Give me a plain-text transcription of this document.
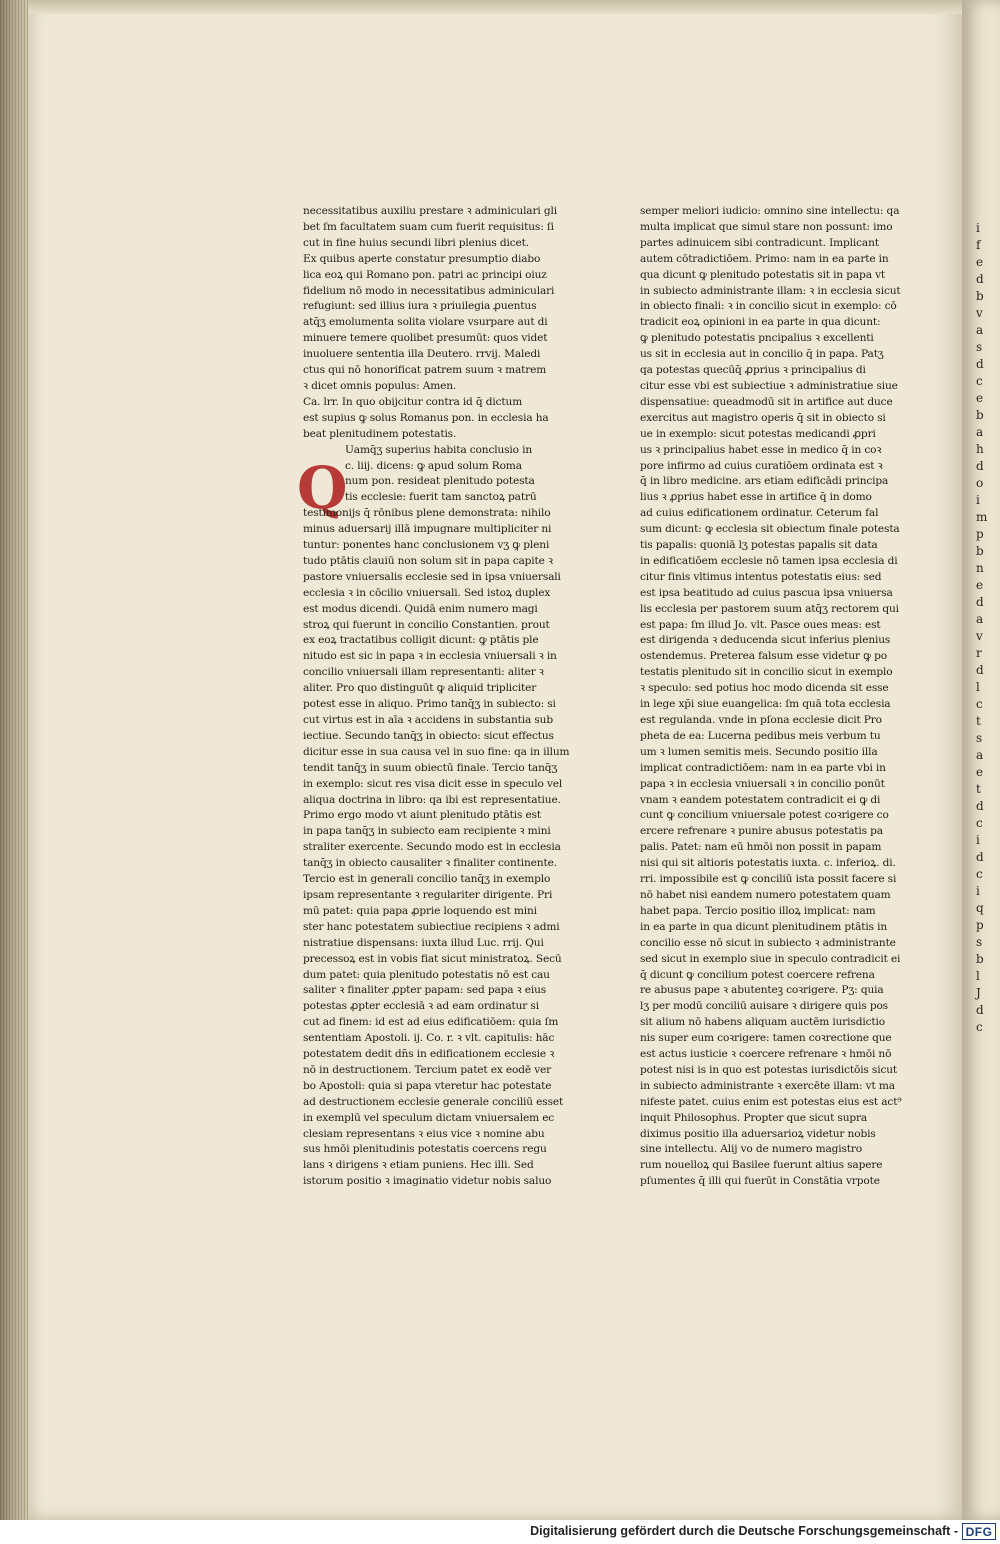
Q
necessitatibus auxiliu prestare ꝛ adminiculari gli
bet ſm facultatem suam cum fuerit requisitus: ſi
cut in fine huius secundi libri plenius dicet.
Ex quibus aperte constatur presumptio diabo
lica eoꝝ qui Romano pon. patri ac principi oiuz
fidelium nō modo in necessitatibus adminiculari
refugiunt: sed illius iura ꝛ priuilegia ꝓuentus
atq̄ʒ emolumenta solita violare vsurpare aut di
minuere temere quolibet presumūt: quos videt
inuoluere sententia illa Deutero. rrvij. Maledi
ctus qui nō honorificat patrem suum ꝛ matrem
ꝛ dicet omnis populus: Amen.
Ca. lrr. In quo obijcitur contra id q̄ dictum
est supius ꝙ solus Romanus pon. in ecclesia ha
beat plenitudinem potestatis.
Uamq̄ʒ superius habita conclusio in
c. liij. dicens: ꝙ apud solum Roma
num pon. resideat plenitudo potesta
tis ecclesie: fuerit tam sanctoꝝ patrū
testimonijs q̄ rōnibus plene demonstrata: nihilo
minus aduersarij illā impugnare multipliciter ni
tuntur: ponentes hanc conclusionem vʒ ꝙ pleni
tudo ptātis clauiū non solum sit in papa capite ꝛ
pastore vniuersalis ecclesie sed in ipsa vniuersali
ecclesia ꝛ in cōcilio vniuersali. Sed istoꝝ duplex
est modus dicendi. Quidā enim numero magi
stroꝝ qui fuerunt in concilio Constantien. prout
ex eoꝝ tractatibus colligit dicunt: ꝙ ptātis ple
nitudo est sic in papa ꝛ in ecclesia vniuersali ꝛ in
concilio vniuersali illam representanti: aliter ꝛ
aliter. Pro quo distinguūt ꝙ aliquid tripliciter
potest esse in aliquo. Primo tanq̄ʒ in subiecto: si
cut virtus est in aīa ꝛ accidens in substantia sub
iectiue. Secundo tanq̄ʒ in obiecto: sicut effectus
dicitur esse in sua causa vel in suo fine: qa in illum
tendit tanq̄ʒ in suum obiectū finale. Tercio tanq̄ʒ
in exemplo: sicut res visa dicit esse in speculo vel
aliqua doctrina in libro: qa ibi est representatiue.
Primo ergo modo vt aiunt plenitudo ptātis est
in papa tanq̄ʒ in subiecto eam recipiente ꝛ mini
straliter exercente. Secundo modo est in ecclesia
tanq̄ʒ in obiecto causaliter ꝛ finaliter continente.
Tercio est in generali concilio tanq̄ʒ in exemplo
ipsam representante ꝛ regulariter dirigente. Pri
mū patet: quia papa ꝓprie loquendo est mini
ster hanc potestatem subiectiue recipiens ꝛ admi
nistratiue dispensans: iuxta illud Luc. rrij. Qui
precessoꝝ est in vobis fiat sicut ministratoꝝ. Secū
dum patet: quia plenitudo potestatis nō est cau
saliter ꝛ finaliter ꝓpter papam: sed papa ꝛ eius
potestas ꝓpter ecclesiā ꝛ ad eam ordinatur si
cut ad finem: id est ad eius edificatiōem: quia ſm
sententiam Apostoli. ij. Co. r. ꝛ vlt. capitulis: hāc
potestatem dedit dn̄s in edificationem ecclesie ꝛ
nō in destructionem. Tercium patet ex eodē ver
bo Apostoli: quia si papa vteretur hac potestate
ad destructionem ecclesie generale conciliū esset
in exemplū vel speculum dictam vniuersalem ec
clesiam representans ꝛ eius vice ꝛ nomine abu
sus hmōi plenitudinis potestatis coercens regu
lans ꝛ dirigens ꝛ etiam puniens. Hec illi. Sed
istorum positio ꝛ imaginatio videtur nobis saluo
semper meliori iudicio: omnino sine intellectu: qa
multa implicat que simul stare non possunt: imo
partes adinuicem sibi contradicunt. Implicant
autem cōtradictiōem. Primo: nam in ea parte in
qua dicunt ꝙ plenitudo potestatis sit in papa vt
in subiecto administrante illam: ꝛ in ecclesia sicut
in obiecto finali: ꝛ in concilio sicut in exemplo: cō
tradicit eoꝝ opinioni in ea parte in qua dicunt:
ꝙ plenitudo potestatis pncipalius ꝛ excellenti
us sit in ecclesia aut in concilio q̄ in papa. Patʒ
qa potestas quecūq̄ ꝓprius ꝛ principalius di
citur esse vbi est subiectiue ꝛ administratiue siue
dispensatiue: queadmodū sit in artifice aut duce
exercitus aut magistro operis q̄ sit in obiecto si
ue in exemplo: sicut potestas medicandi ꝓpri
us ꝛ principalius habet esse in medico q̄ in coꝛ
pore infirmo ad cuius curatiōem ordinata est ꝛ
q̄ in libro medicine. ars etiam edificādi principa
lius ꝛ ꝓprius habet esse in artifice q̄ in domo
ad cuius edificationem ordinatur. Ceterum fal
sum dicunt: ꝙ ecclesia sit obiectum finale potesta
tis papalis: quoniā lʒ potestas papalis sit data
in edificatiōem ecclesie nō tamen ipsa ecclesia di
citur finis vltimus intentus potestatis eius: sed
est ipsa beatitudo ad cuius pascua ipsa vniuersa
lis ecclesia per pastorem suum atq̄ʒ rectorem qui
est papa: ſm illud Jo. vlt. Pasce oues meas: est
est dirigenda ꝛ deducenda sicut inferius plenius
ostendemus. Preterea falsum esse videtur ꝙ po
testatis plenitudo sit in concilio sicut in exemplo
ꝛ speculo: sed potius hoc modo dicenda sit esse
in lege xp̄i siue euangelica: ſm quā tota ecclesia
est regulanda. vnde in pſona ecclesie dicit Pro
pheta de ea: Lucerna pedibus meis verbum tu
um ꝛ lumen semitis meis. Secundo positio illa
implicat contradictiōem: nam in ea parte vbi in
papa ꝛ in ecclesia vniuersali ꝛ in concilio ponūt
vnam ꝛ eandem potestatem contradicit ei ꝙ di
cunt ꝙ concilium vniuersale potest coꝛrigere co
ercere refrenare ꝛ punire abusus potestatis pa
palis. Patet: nam eū hmōi non possit in papam
nisi qui sit altioris potestatis iuxta. c. inferioꝝ. di.
rri. impossibile est ꝙ conciliū ista possit facere si
nō habet nisi eandem numero potestatem quam
habet papa. Tercio positio illoꝝ implicat: nam
in ea parte in qua dicunt plenitudinem ptātis in
concilio esse nō sicut in subiecto ꝛ administrante
sed sicut in exemplo siue in speculo contradicit ei
q̄ dicunt ꝙ concilium potest coercere refrena
re abusus pape ꝛ abutenteꝫ coꝛrigere. Pʒ: quia
lʒ per modū conciliū auisare ꝛ dirigere quis pos
sit alium nō habens aliquam auctēm iurisdictio
nis super eum coꝛrigere: tamen coꝛrectione que
est actus iusticie ꝛ coercere refrenare ꝛ hmōi nō
potest nisi is in quo est potestas iurisdictōis sicut
in subiecto administrante ꝛ exercēte illam: vt ma
nifeste patet. cuius enim est potestas eius est act⁹
inquit Philosophus. Propter que sicut supra
diximus positio illa aduersarioꝝ videtur nobis
sine intellectu. Alij vo de numero magistro
rum nouelloꝝ qui Basilee fuerunt altius sapere
pſumentes q̄ illi qui fuerūt in Constātia vrpote
i
f
e
d
b
v
a
s
d
c
e
b
a
h
d
o
i
m
p
b
n
e
d
a
v
r
d
l
c
t
s
a
e
t
d
c
i
d
c
i
q
p
s
b
l
J
d
c
Digitalisierung gefördert durch die Deutsche Forschungsgemeinschaft - DFG
